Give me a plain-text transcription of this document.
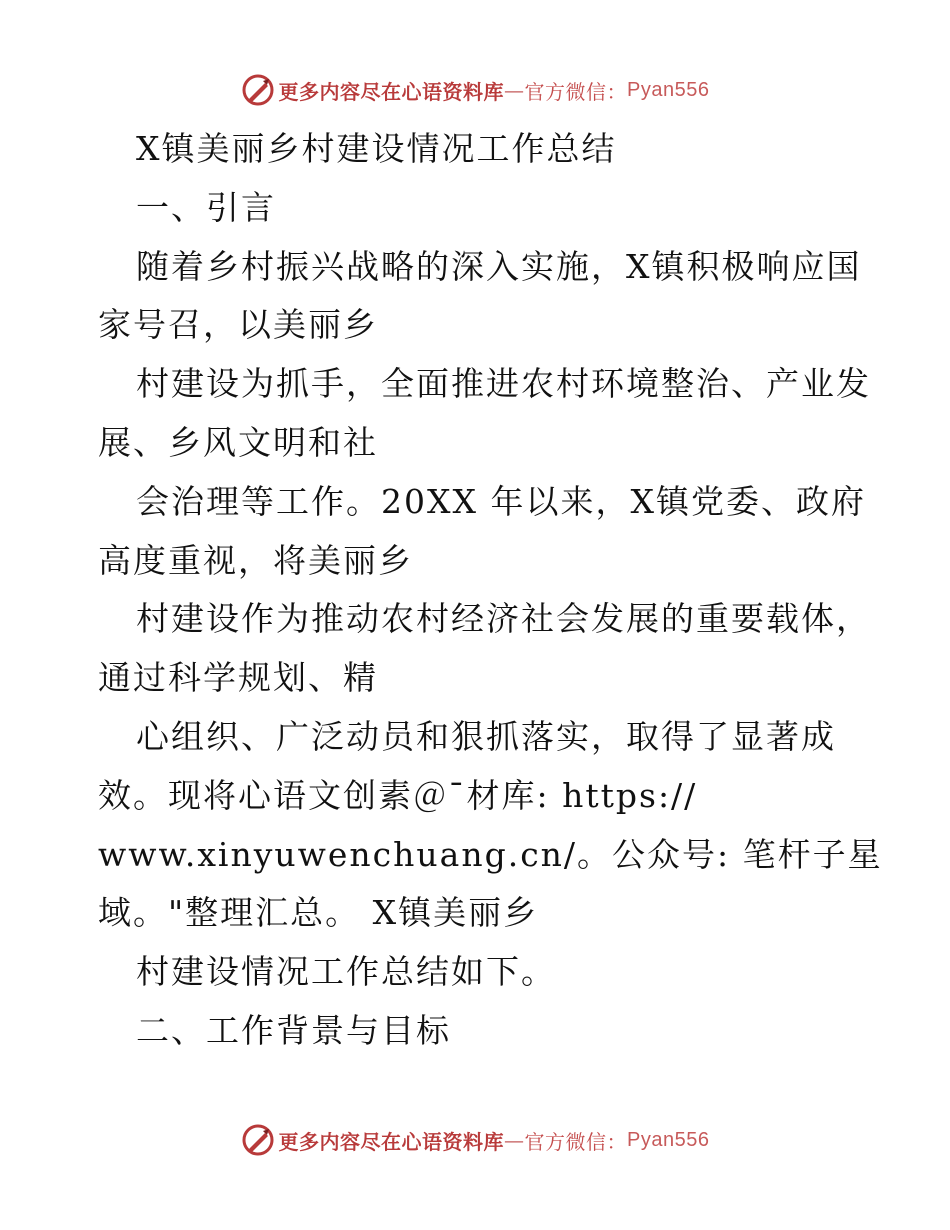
更多内容尽在心语资料库 — 官方微信： Pyan556
X镇美丽乡村建设情况工作总结
一、引言
随着乡村振兴战略的深入实施，X镇积极响应国
家号召，以美丽乡
村建设为抓手，全面推进农村环境整治、产业发
展、乡风文明和社
会治理等工作。20XX 年以来，X镇党委、政府
高度重视，将美丽乡
村建设作为推动农村经济社会发展的重要载体，
通过科学规划、精
心组织、广泛动员和狠抓落实，取得了显著成
效。现将心语文创素＠¯材库: https://
www.xinyuwenchuang.cn/。公众号: 笔杆子星
域。"整理汇总。 X镇美丽乡
村建设情况工作总结如下。
二、工作背景与目标
更多内容尽在心语资料库 — 官方微信： Pyan556
